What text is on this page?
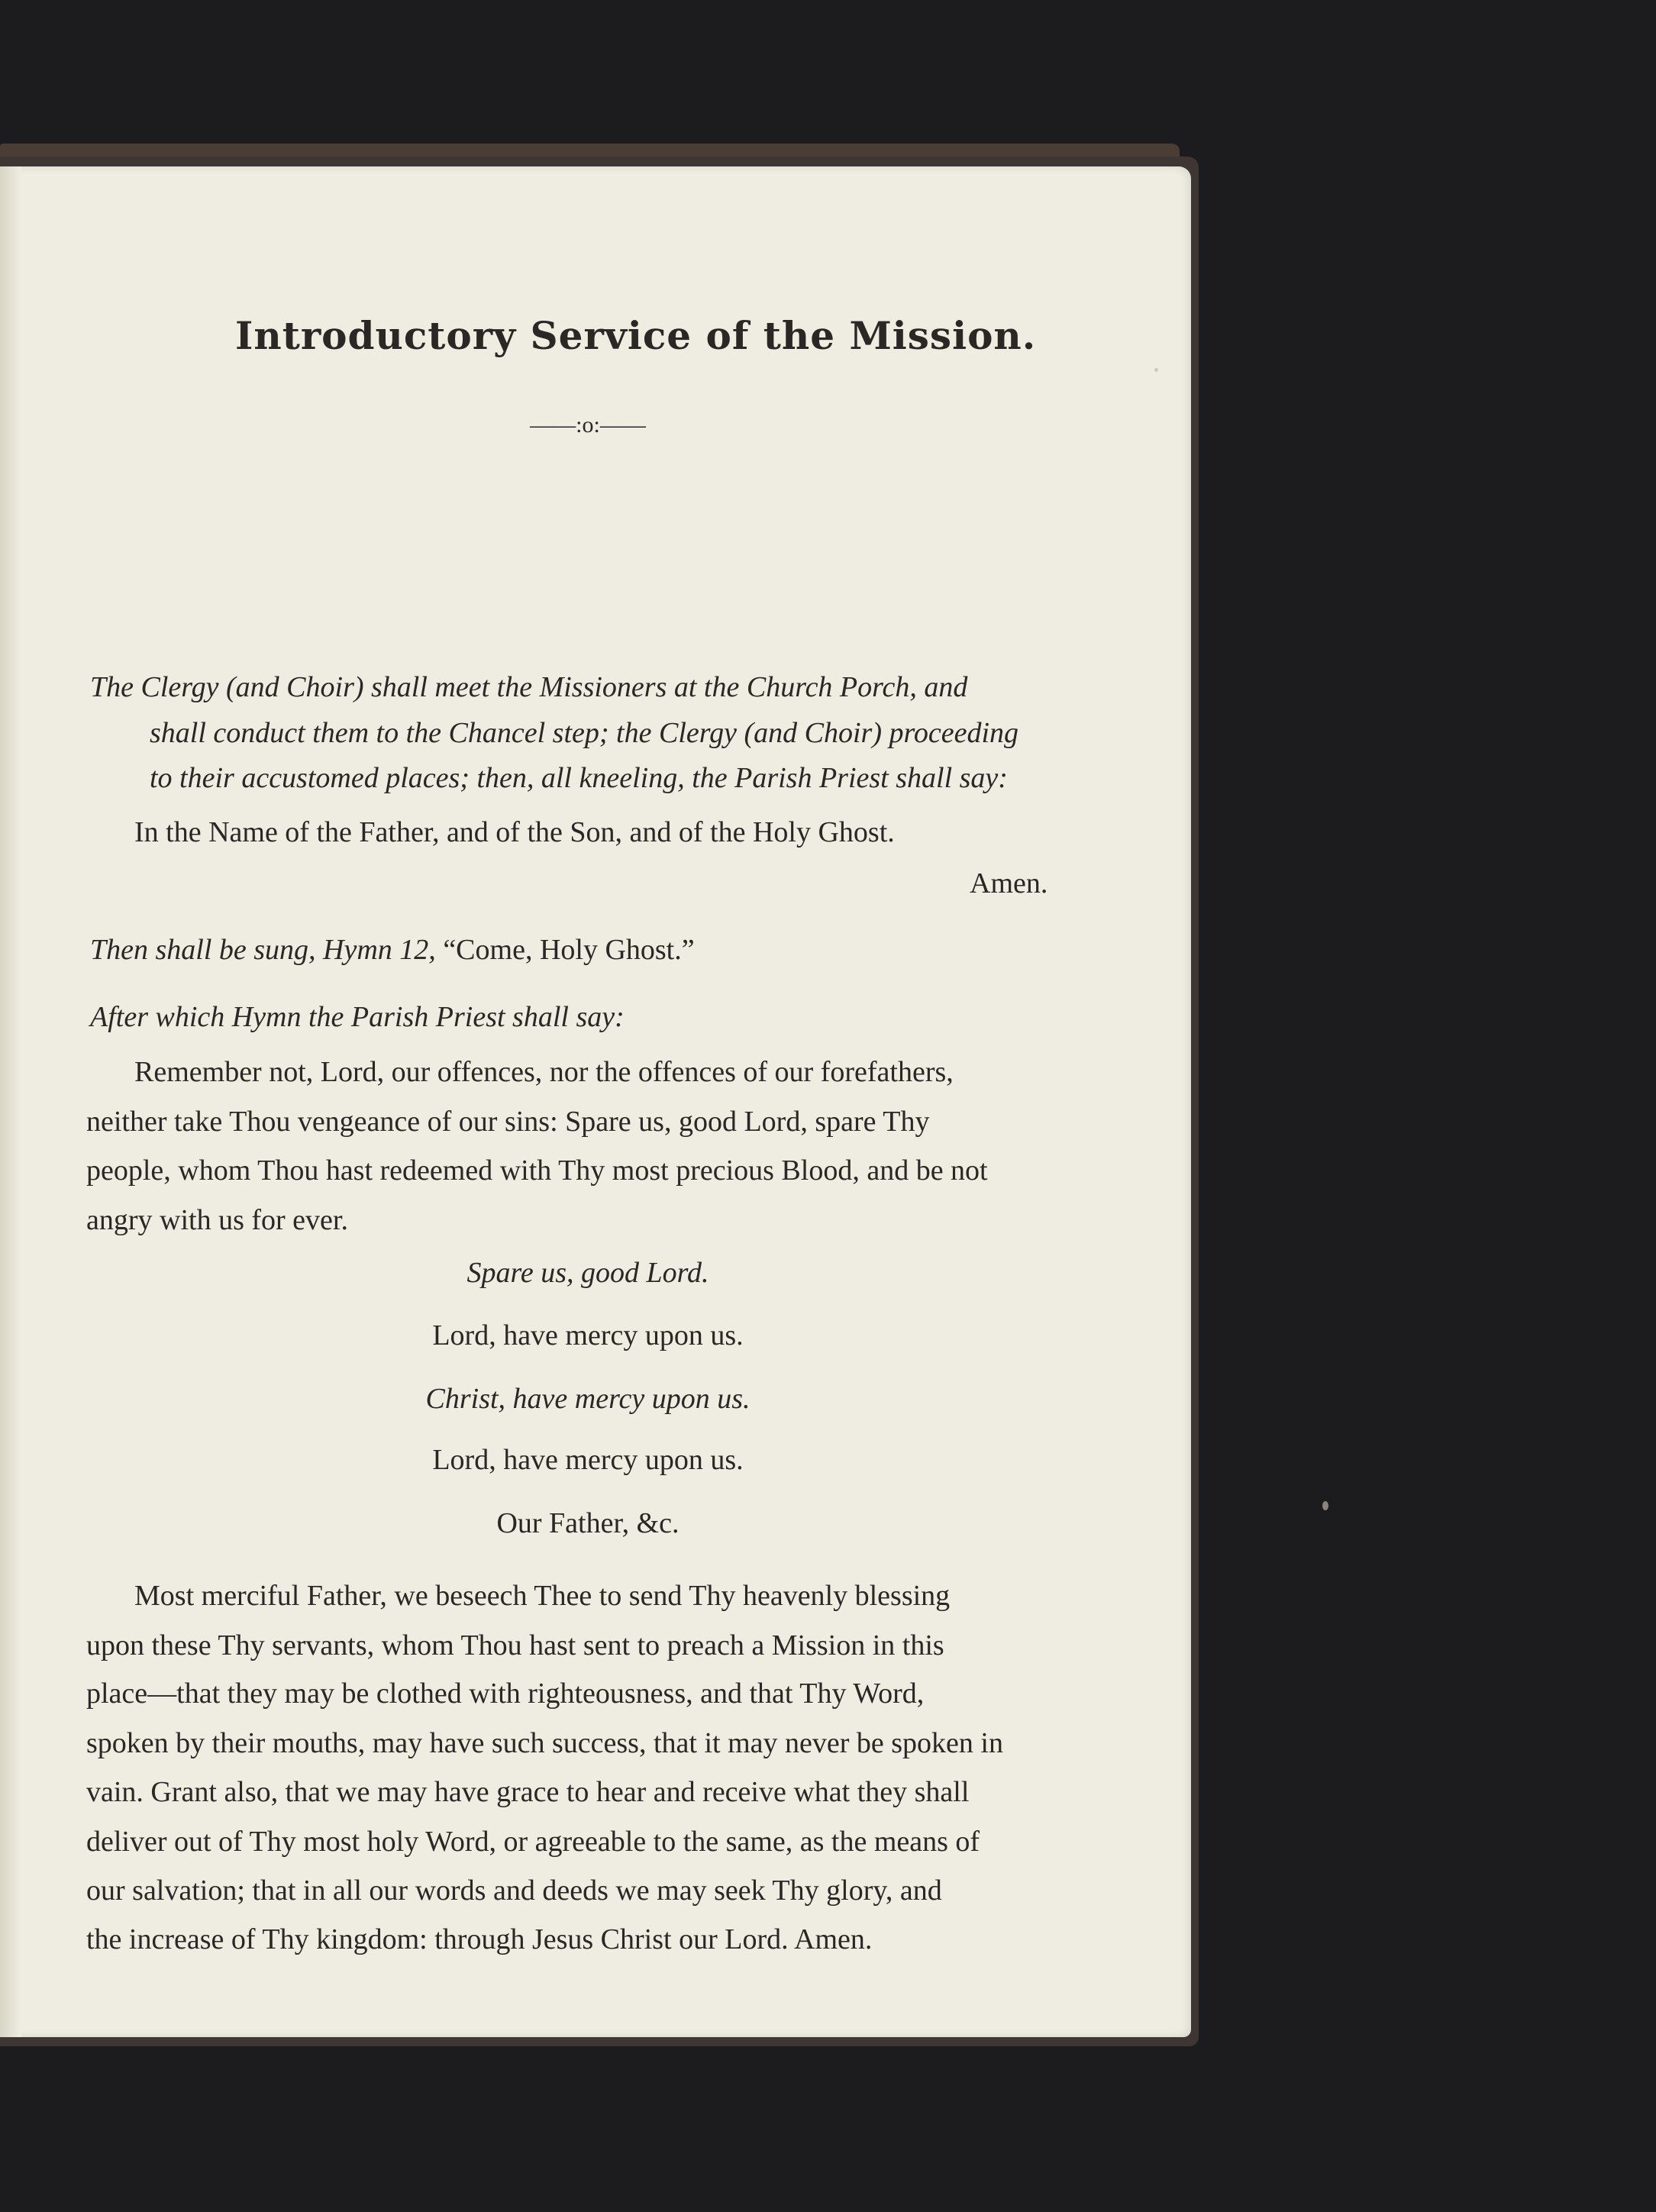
Introductory Service of the Mission.
——:o:——
The Clergy (and Choir) shall meet the Missioners at the Church Porch, and
shall conduct them to the Chancel step; the Clergy (and Choir) proceeding
to their accustomed places; then, all kneeling, the Parish Priest shall say:
In the Name of the Father, and of the Son, and of the Holy Ghost.
Amen.
Then shall be sung, Hymn 12, “Come, Holy Ghost.”
After which Hymn the Parish Priest shall say:
Remember not, Lord, our offences, nor the offences of our forefathers,
neither take Thou vengeance of our sins: Spare us, good Lord, spare Thy
people, whom Thou hast redeemed with Thy most precious Blood, and be not
angry with us for ever.
Spare us, good Lord.
Lord, have mercy upon us.
Christ, have mercy upon us.
Lord, have mercy upon us.
Our Father, &c.
Most merciful Father, we beseech Thee to send Thy heavenly blessing
upon these Thy servants, whom Thou hast sent to preach a Mission in this
place—that they may be clothed with righteousness, and that Thy Word,
spoken by their mouths, may have such success, that it may never be spoken in
vain. Grant also, that we may have grace to hear and receive what they shall
deliver out of Thy most holy Word, or agreeable to the same, as the means of
our salvation; that in all our words and deeds we may seek Thy glory, and
the increase of Thy kingdom: through Jesus Christ our Lord. Amen.
